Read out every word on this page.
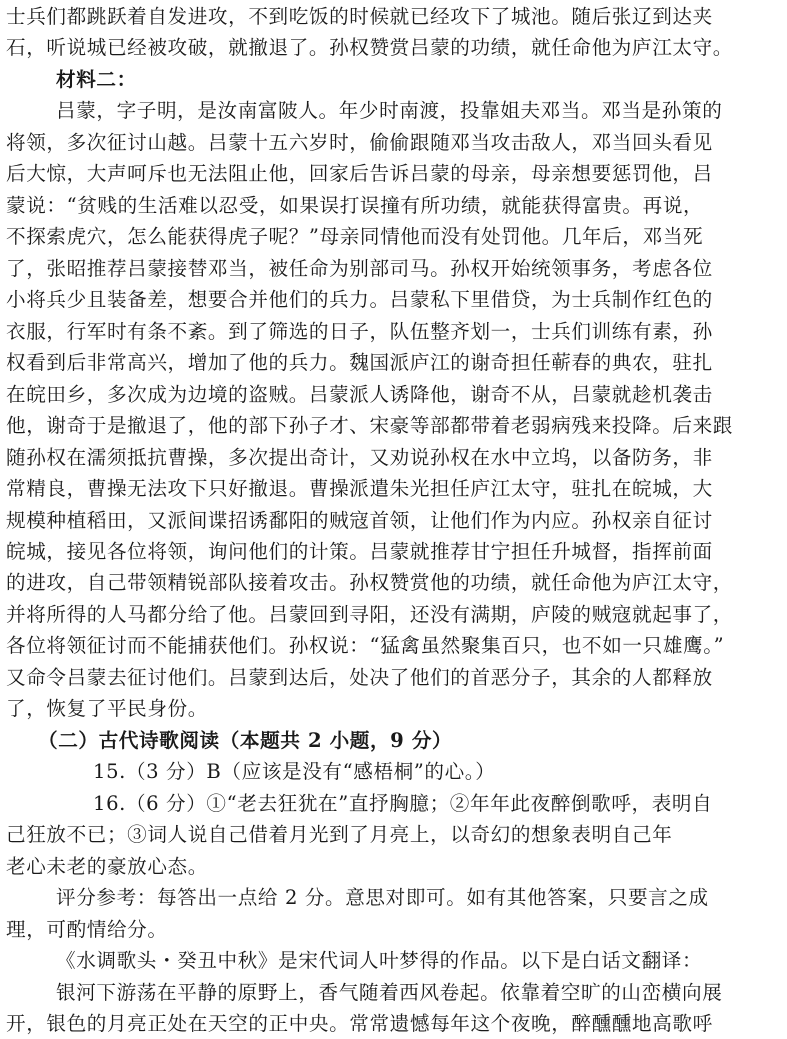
士兵们都跳跃着自发进攻，不到吃饭的时候就已经攻下了城池。随后张辽到达夹
石，听说城已经被攻破，就撤退了。孙权赞赏吕蒙的功绩，就任命他为庐江太守。
材料二：
吕蒙，字子明，是汝南富陂人。年少时南渡，投靠姐夫邓当。邓当是孙策的
将领，多次征讨山越。吕蒙十五六岁时，偷偷跟随邓当攻击敌人，邓当回头看见
后大惊，大声呵斥也无法阻止他，回家后告诉吕蒙的母亲，母亲想要惩罚他，吕
蒙说：“贫贱的生活难以忍受，如果误打误撞有所功绩，就能获得富贵。再说，
不探索虎穴，怎么能获得虎子呢？”母亲同情他而没有处罚他。几年后，邓当死
了，张昭推荐吕蒙接替邓当，被任命为别部司马。孙权开始统领事务，考虑各位
小将兵少且装备差，想要合并他们的兵力。吕蒙私下里借贷，为士兵制作红色的
衣服，行军时有条不紊。到了筛选的日子，队伍整齐划一，士兵们训练有素，孙
权看到后非常高兴，增加了他的兵力。魏国派庐江的谢奇担任蕲春的典农，驻扎
在皖田乡，多次成为边境的盗贼。吕蒙派人诱降他，谢奇不从，吕蒙就趁机袭击
他，谢奇于是撤退了，他的部下孙子才、宋豪等部都带着老弱病残来投降。后来跟
随孙权在濡须抵抗曹操，多次提出奇计，又劝说孙权在水中立坞，以备防务，非
常精良，曹操无法攻下只好撤退。曹操派遣朱光担任庐江太守，驻扎在皖城，大
规模种植稻田，又派间谍招诱鄱阳的贼寇首领，让他们作为内应。孙权亲自征讨
皖城，接见各位将领，询问他们的计策。吕蒙就推荐甘宁担任升城督，指挥前面
的进攻，自己带领精锐部队接着攻击。孙权赞赏他的功绩，就任命他为庐江太守，
并将所得的人马都分给了他。吕蒙回到寻阳，还没有满期，庐陵的贼寇就起事了，
各位将领征讨而不能捕获他们。孙权说：“猛禽虽然聚集百只，也不如一只雄鹰。”
又命令吕蒙去征讨他们。吕蒙到达后，处决了他们的首恶分子，其余的人都释放
了，恢复了平民身份。
（二）古代诗歌阅读（本题共 2 小题，9 分）
15.（3 分）B（应该是没有“感梧桐”的心。）
16.（6 分）①“老去狂犹在”直抒胸臆；②年年此夜醉倒歌呼，表明自
己狂放不已；③词人说自己借着月光到了月亮上，以奇幻的想象表明自己年
老心未老的豪放心态。
评分参考：每答出一点给 2 分。意思对即可。如有其他答案，只要言之成
理，可酌情给分。
《水调歌头・癸丑中秋》是宋代词人叶梦得的作品。以下是白话文翻译：
银河下游荡在平静的原野上，香气随着西风卷起。依靠着空旷的山峦横向展
开，银色的月亮正处在天空的正中央。常常遗憾每年这个夜晚，醉醺醺地高歌呼
